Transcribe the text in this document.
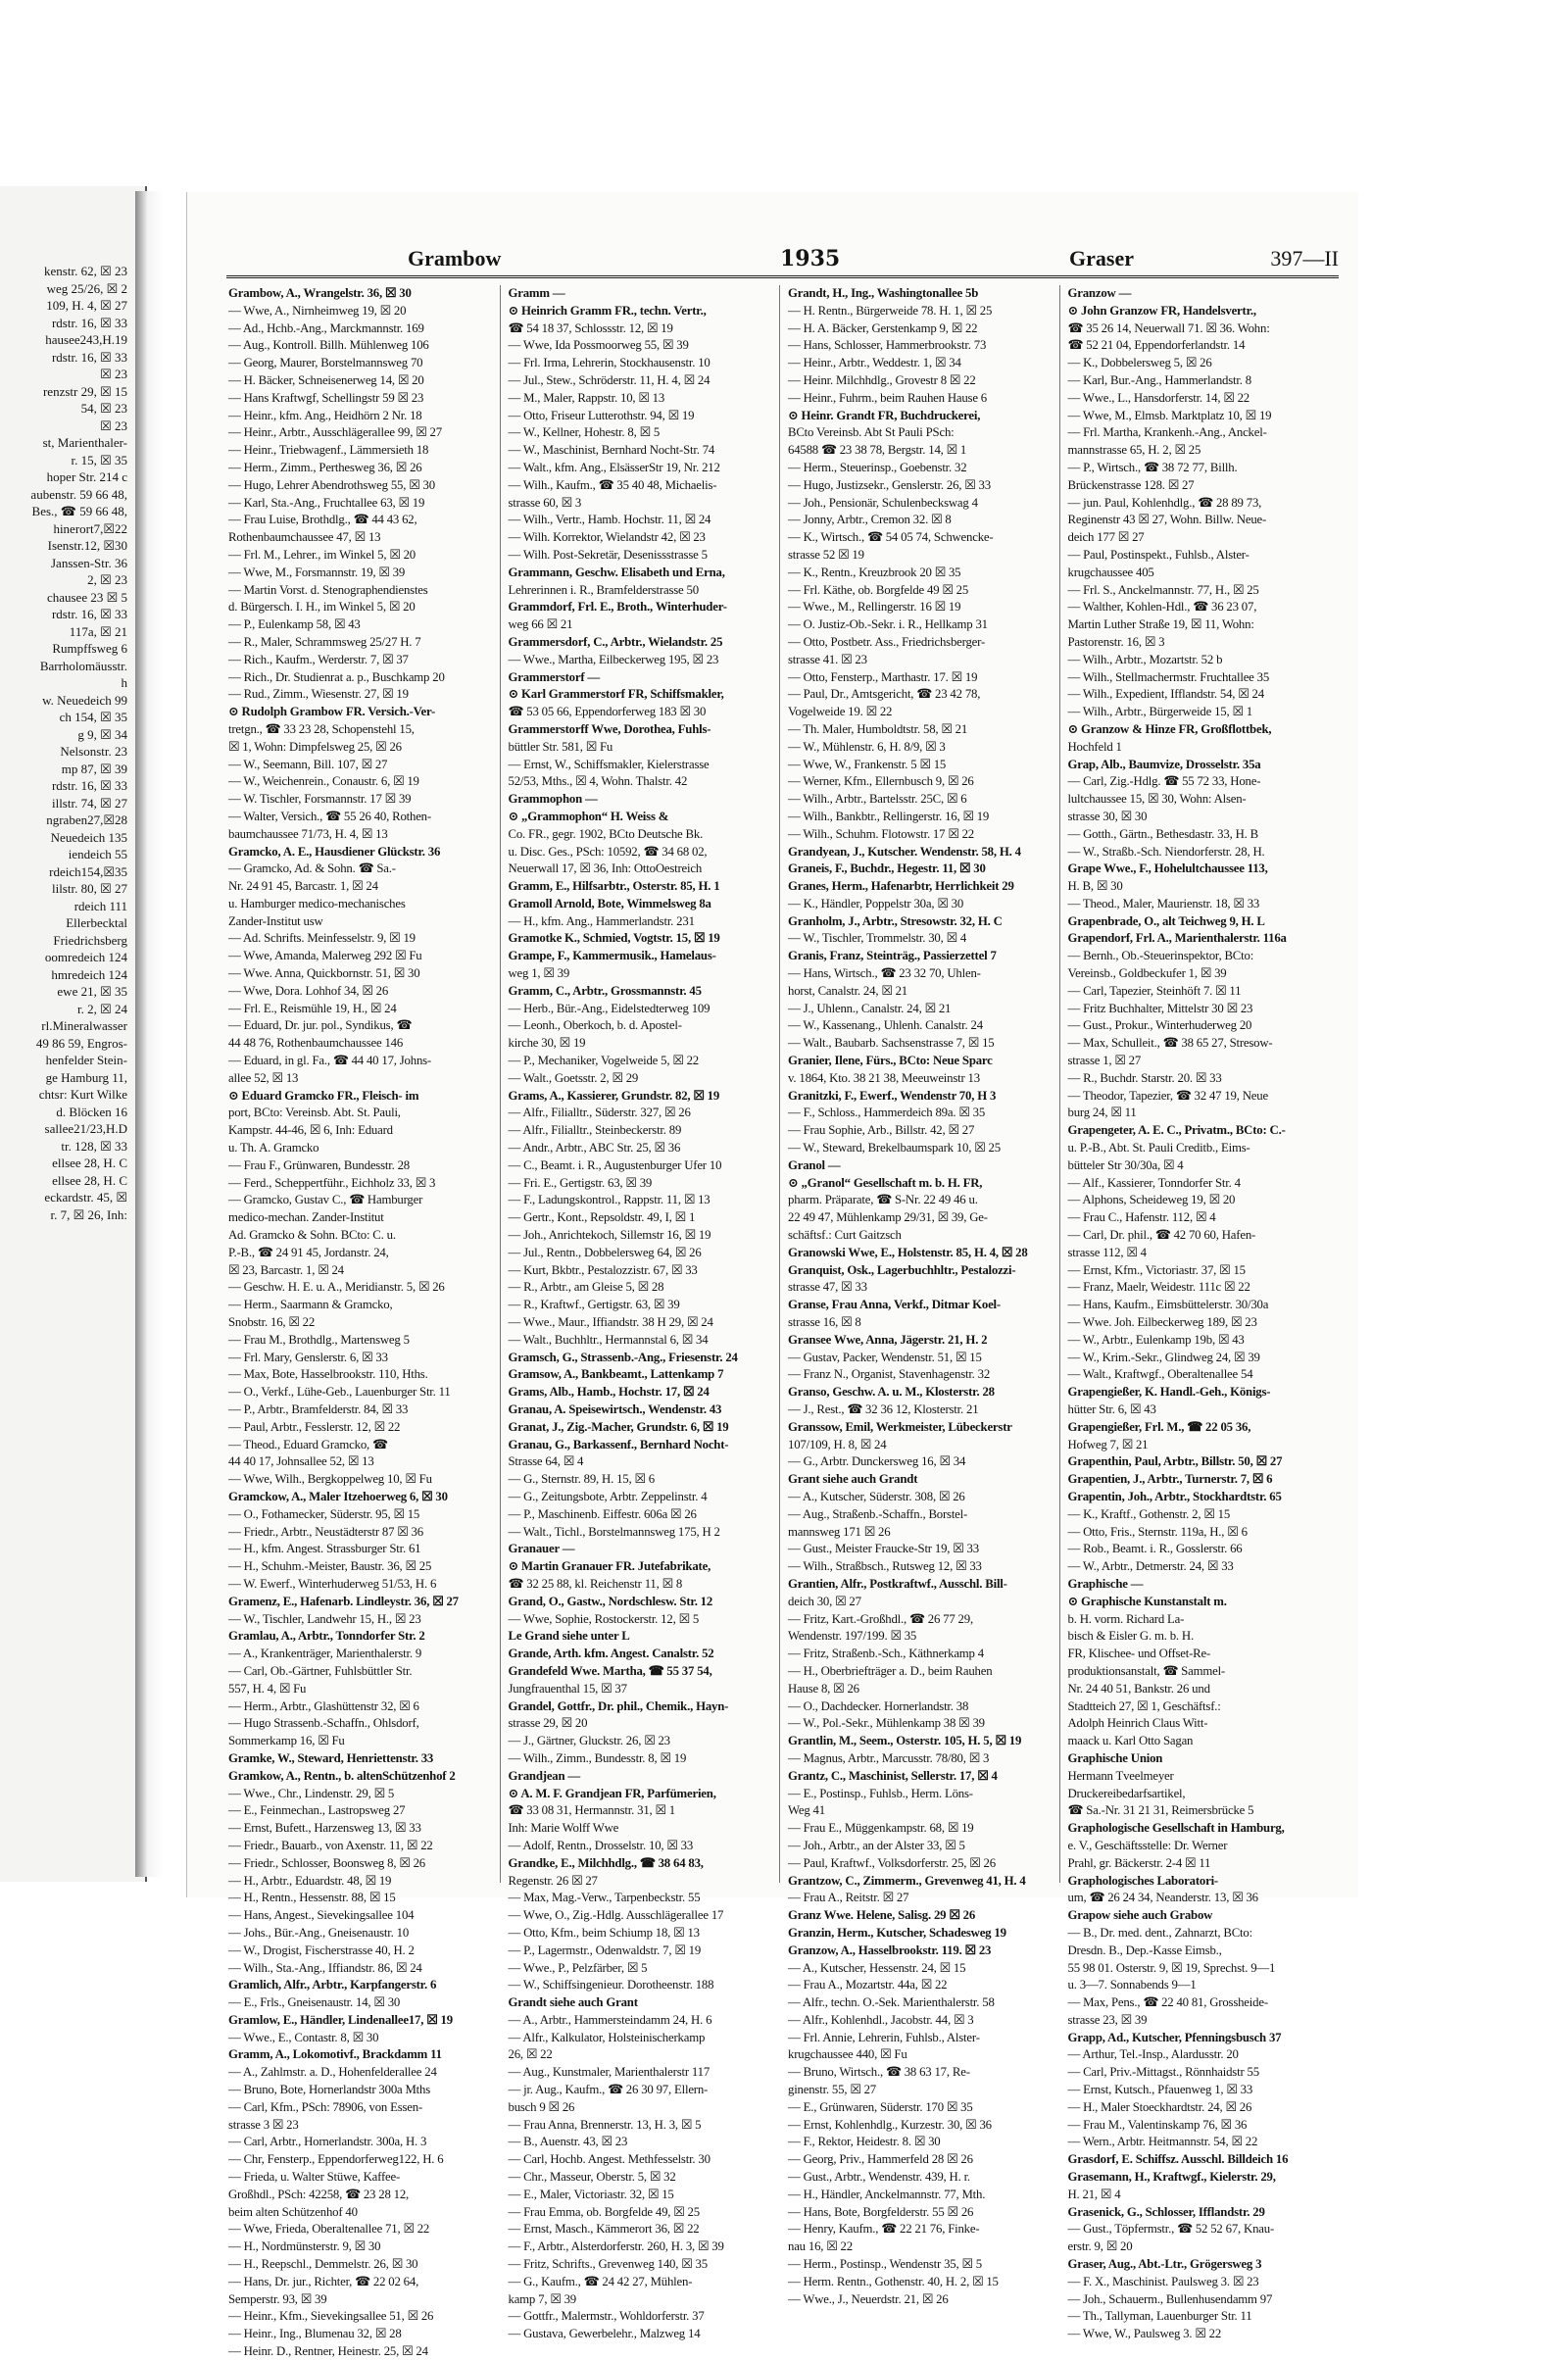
kenstr. 62, ☒ 23
weg 25/26, ☒ 2
109, H. 4, ☒ 27
rdstr. 16, ☒ 33
hausee243,H.19
rdstr. 16, ☒ 33
☒ 23
renzstr 29, ☒ 15
54, ☒ 23
☒ 23
st, Marienthaler-
r. 15, ☒ 35
hoper Str. 214 c
aubenstr. 59 66 48,
Bes., ☎ 59 66 48,
hinerort7,☒22
Isenstr.12, ☒30
Janssen-Str. 36
2, ☒ 23
chausee 23 ☒ 5
rdstr. 16, ☒ 33
117a, ☒ 21
Rumpffsweg 6
Barrholomäusstr.
h
w. Neuedeich 99
ch 154, ☒ 35
g 9, ☒ 34
Nelsonstr. 23
mp 87, ☒ 39
rdstr. 16, ☒ 33
illstr. 74, ☒ 27
ngraben27,☒28
Neuedeich 135
iendeich 55
rdeich154,☒35
lilstr. 80, ☒ 27
rdeich 111
Ellerbecktal
Friedrichsberg
oomredeich 124
hmredeich 124
ewe 21, ☒ 35
r. 2, ☒ 24
rl.Mineralwasser
49 86 59, Engros-
henfelder Stein-
ge Hamburg 11,
chtsr: Kurt Wilke
d. Blöcken 16
sallee21/23,H.D
tr. 128, ☒ 33
ellsee 28, H. C
ellsee 28, H. C
eckardstr. 45, ☒
r. 7, ☒ 26, Inh:
Grambow	1935	Graser	397—II
Grambow, A., Wrangelstr. 36, ☒ 30
— Wwe, A., Nirnheimweg 19, ☒ 20
— Ad., Hchb.-Ang., Marckmannstr. 169
— Aug., Kontroll. Billh. Mühlenweg 106
— Georg, Maurer, Borstelmannsweg 70
— H. Bäcker, Schneisenerweg 14, ☒ 20
— Hans Kraftwgf, Schellingstr 59 ☒ 23
— Heinr., kfm. Ang., Heidhörn 2 Nr. 18
— Heinr., Arbtr., Ausschlägerallee 99, ☒ 27
— Heinr., Triebwagenf., Lämmersieth 18
— Herm., Zimm., Perthesweg 36, ☒ 26
— Hugo, Lehrer Abendrothsweg 55, ☒ 30
— Karl, Sta.-Ang., Fruchtallee 63, ☒ 19
— Frau Luise, Brothdlg., ☎ 44 43 62,
Rothenbaumchaussee 47, ☒ 13
— Frl. M., Lehrer., im Winkel 5, ☒ 20
— Wwe, M., Forsmannstr. 19, ☒ 39
— Martin Vorst. d. Stenographendienstes
d. Bürgersch. I. H., im Winkel 5, ☒ 20
— P., Eulenkamp 58, ☒ 43
— R., Maler, Schrammsweg 25/27 H. 7
— Rich., Kaufm., Werderstr. 7, ☒ 37
— Rich., Dr. Studienrat a. p., Buschkamp 20
— Rud., Zimm., Wiesenstr. 27, ☒ 19
⊙ Rudolph Grambow FR. Versich.-Ver-
tretgn., ☎ 33 23 28, Schopenstehl 15,
☒ 1, Wohn: Dimpfelsweg 25, ☒ 26
— W., Seemann, Bill. 107, ☒ 27
— W., Weichenrein., Conaustr. 6, ☒ 19
— W. Tischler, Forsmannstr. 17 ☒ 39
— Walter, Versich., ☎ 55 26 40, Rothen-
baumchaussee 71/73, H. 4, ☒ 13
Gramcko, A. E., Hausdiener Glückstr. 36
— Gramcko, Ad. & Sohn. ☎ Sa.-
Nr. 24 91 45, Barcastr. 1, ☒ 24
u. Hamburger medico-mechanisches
Zander-Institut usw
— Ad. Schrifts. Meinfesselstr. 9, ☒ 19
— Wwe, Amanda, Malerweg 292 ☒ Fu
— Wwe. Anna, Quickbornstr. 51, ☒ 30
— Wwe, Dora. Lohhof 34, ☒ 26
— Frl. E., Reismühle 19, H., ☒ 24
— Eduard, Dr. jur. pol., Syndikus, ☎
44 48 76, Rothenbaumchaussee 146
— Eduard, in gl. Fa., ☎ 44 40 17, Johns-
allee 52, ☒ 13
⊙ Eduard Gramcko FR., Fleisch- im
port, BCto: Vereinsb. Abt. St. Pauli,
Kampstr. 44-46, ☒ 6, Inh: Eduard
u. Th. A. Gramcko
— Frau F., Grünwaren, Bundesstr. 28
— Ferd., Scheppertführ., Eichholz 33, ☒ 3
— Gramcko, Gustav C., ☎ Hamburger
medico-mechan. Zander-Institut
Ad. Gramcko & Sohn. BCto: C. u.
P.-B., ☎ 24 91 45, Jordanstr. 24,
☒ 23, Barcastr. 1, ☒ 24
— Geschw. H. E. u. A., Meridianstr. 5, ☒ 26
— Herm., Saarmann & Gramcko,
Snobstr. 16, ☒ 22
— Frau M., Brothdlg., Martensweg 5
— Frl. Mary, Genslerstr. 6, ☒ 33
— Max, Bote, Hasselbrookstr. 110, Hths.
— O., Verkf., Lühe-Geb., Lauenburger Str. 11
— P., Arbtr., Bramfelderstr. 84, ☒ 33
— Paul, Arbtr., Fesslerstr. 12, ☒ 22
— Theod., Eduard Gramcko, ☎
44 40 17, Johnsallee 52, ☒ 13
— Wwe, Wilh., Bergkoppelweg 10, ☒ Fu
Gramckow, A., Maler Itzehoerweg 6, ☒ 30
— O., Fothamecker, Süderstr. 95, ☒ 15
— Friedr., Arbtr., Neustädterstr 87 ☒ 36
— H., kfm. Angest. Strassburger Str. 61
— H., Schuhm.-Meister, Baustr. 36, ☒ 25
— W. Ewerf., Winterhuderweg 51/53, H. 6
Gramenz, E., Hafenarb. Lindleystr. 36, ☒ 27
— W., Tischler, Landwehr 15, H., ☒ 23
Gramlau, A., Arbtr., Tonndorfer Str. 2
— A., Krankenträger, Marienthalerstr. 9
— Carl, Ob.-Gärtner, Fuhlsbüttler Str.
557, H. 4, ☒ Fu
— Herm., Arbtr., Glashüttenstr 32, ☒ 6
— Hugo Strassenb.-Schaffn., Ohlsdorf,
Sommerkamp 16, ☒ Fu
Gramke, W., Steward, Henriettenstr. 33
Gramkow, A., Rentn., b. altenSchützenhof 2
— Wwe., Chr., Lindenstr. 29, ☒ 5
— E., Feinmechan., Lastropsweg 27
— Ernst, Bufett., Harzensweg 13, ☒ 33
— Friedr., Bauarb., von Axenstr. 11, ☒ 22
— Friedr., Schlosser, Boonsweg 8, ☒ 26
— H., Arbtr., Eduardstr. 48, ☒ 19
— H., Rentn., Hessenstr. 88, ☒ 15
— Hans, Angest., Sievekingsallee 104
— Johs., Bür.-Ang., Gneisenaustr. 10
— W., Drogist, Fischerstrasse 40, H. 2
— Wilh., Sta.-Ang., Iffiandstr. 86, ☒ 24
Gramlich, Alfr., Arbtr., Karpfangerstr. 6
— E., Frls., Gneisenaustr. 14, ☒ 30
Gramlow, E., Händler, Lindenallee17, ☒ 19
— Wwe., E., Contastr. 8, ☒ 30
Gramm, A., Lokomotivf., Brackdamm 11
— A., Zahlmstr. a. D., Hohenfelderallee 24
— Bruno, Bote, Hornerlandstr 300a Mths
— Carl, Kfm., PSch: 78906, von Essen-
strasse 3 ☒ 23
— Carl, Arbtr., Hornerlandstr. 300a, H. 3
— Chr, Fensterp., Eppendorferweg122, H. 6
— Frieda, u. Walter Stüwe, Kaffee-
Großhdl., PSch: 42258, ☎ 23 28 12,
beim alten Schützenhof 40
— Wwe, Frieda, Oberaltenallee 71, ☒ 22
— H., Nordmünsterstr. 9, ☒ 30
— H., Reepschl., Demmelstr. 26, ☒ 30
— Hans, Dr. jur., Richter, ☎ 22 02 64,
Semperstr. 93, ☒ 39
— Heinr., Kfm., Sievekingsallee 51, ☒ 26
— Heinr., Ing., Blumenau 32, ☒ 28
— Heinr. D., Rentner, Heinestr. 25, ☒ 24
Gramm —
⊙ Heinrich Gramm FR., techn. Vertr.,
☎ 54 18 37, Schlossstr. 12, ☒ 19
— Wwe, Ida Possmoorweg 55, ☒ 39
— Frl. Irma, Lehrerin, Stockhausenstr. 10
— Jul., Stew., Schröderstr. 11, H. 4, ☒ 24
— M., Maler, Rappstr. 10, ☒ 13
— Otto, Friseur Lutterothstr. 94, ☒ 19
— W., Kellner, Hohestr. 8, ☒ 5
— W., Maschinist, Bernhard Nocht-Str. 74
— Walt., kfm. Ang., ElsässerStr 19, Nr. 212
— Wilh., Kaufm., ☎ 35 40 48, Michaelis-
strasse 60, ☒ 3
— Wilh., Vertr., Hamb. Hochstr. 11, ☒ 24
— Wilh. Korrektor, Wielandstr 42, ☒ 23
— Wilh. Post-Sekretär, Desenissstrasse 5
Grammann, Geschw. Elisabeth und Erna,
Lehrerinnen i. R., Bramfelderstrasse 50
Grammdorf, Frl. E., Broth., Winterhuder-
weg 66 ☒ 21
Grammersdorf, C., Arbtr., Wielandstr. 25
— Wwe., Martha, Eilbeckerweg 195, ☒ 23
Grammerstorf —
⊙ Karl Grammerstorf FR, Schiffsmakler,
☎ 53 05 66, Eppendorferweg 183 ☒ 30
Grammerstorff Wwe, Dorothea, Fuhls-
büttler Str. 581, ☒ Fu
— Ernst, W., Schiffsmakler, Kielerstrasse
52/53, Mths., ☒ 4, Wohn. Thalstr. 42
Grammophon —
⊙ „Grammophon“ H. Weiss &
Co. FR., gegr. 1902, BCto Deutsche Bk.
u. Disc. Ges., PSch: 10592, ☎ 34 68 02,
Neuerwall 17, ☒ 36, Inh: OttoOestreich
Gramm, E., Hilfsarbtr., Osterstr. 85, H. 1
Gramoll Arnold, Bote, Wimmelsweg 8a
— H., kfm. Ang., Hammerlandstr. 231
Gramotke K., Schmied, Vogtstr. 15, ☒ 19
Grampe, F., Kammermusik., Hamelaus-
weg 1, ☒ 39
Gramm, C., Arbtr., Grossmannstr. 45
— Herb., Bür.-Ang., Eidelstedterweg 109
— Leonh., Oberkoch, b. d. Apostel-
kirche 30, ☒ 19
— P., Mechaniker, Vogelweide 5, ☒ 22
— Walt., Goetsstr. 2, ☒ 29
Grams, A., Kassierer, Grundstr. 82, ☒ 19
— Alfr., Filialltr., Süderstr. 327, ☒ 26
— Alfr., Filialltr., Steinbeckerstr. 89
— Andr., Arbtr., ABC Str. 25, ☒ 36
— C., Beamt. i. R., Augustenburger Ufer 10
— Fri. E., Gertigstr. 63, ☒ 39
— F., Ladungskontrol., Rappstr. 11, ☒ 13
— Gertr., Kont., Repsoldstr. 49, I, ☒ 1
— Joh., Anrichtekoch, Sillemstr 16, ☒ 19
— Jul., Rentn., Dobbelersweg 64, ☒ 26
— Kurt, Bkbtr., Pestalozzistr. 67, ☒ 33
— R., Arbtr., am Gleise 5, ☒ 28
— R., Kraftwf., Gertigstr. 63, ☒ 39
— Wwe., Maur., Iffiandstr. 38 H 29, ☒ 24
— Walt., Buchhltr., Hermannstal 6, ☒ 34
Gramsch, G., Strassenb.-Ang., Friesenstr. 24
Gramsow, A., Bankbeamt., Lattenkamp 7
Grams, Alb., Hamb., Hochstr. 17, ☒ 24
Granau, A. Speisewirtsch., Wendenstr. 43
Granat, J., Zig.-Macher, Grundstr. 6, ☒ 19
Granau, G., Barkassenf., Bernhard Nocht-
Strasse 64, ☒ 4
— G., Sternstr. 89, H. 15, ☒ 6
— G., Zeitungsbote, Arbtr. Zeppelinstr. 4
— P., Maschinenb. Eiffestr. 606a ☒ 26
— Walt., Tichl., Borstelmannsweg 175, H 2
Granauer —
⊙ Martin Granauer FR. Jutefabrikate,
☎ 32 25 88, kl. Reichenstr 11, ☒ 8
Grand, O., Gastw., Nordschlesw. Str. 12
— Wwe, Sophie, Rostockerstr. 12, ☒ 5
Le Grand siehe unter L
Grande, Arth. kfm. Angest. Canalstr. 52
Grandefeld Wwe. Martha, ☎ 55 37 54,
Jungfrauenthal 15, ☒ 37
Grandel, Gottfr., Dr. phil., Chemik., Hayn-
strasse 29, ☒ 20
— J., Gärtner, Gluckstr. 26, ☒ 23
— Wilh., Zimm., Bundesstr. 8, ☒ 19
Grandjean —
⊙ A. M. F. Grandjean FR, Parfümerien,
☎ 33 08 31, Hermannstr. 31, ☒ 1
Inh: Marie Wolff Wwe
— Adolf, Rentn., Drosselstr. 10, ☒ 33
Grandke, E., Milchhdlg., ☎ 38 64 83,
Regenstr. 26 ☒ 27
— Max, Mag.-Verw., Tarpenbeckstr. 55
— Wwe, O., Zig.-Hdlg. Ausschlägerallee 17
— Otto, Kfm., beim Schiump 18, ☒ 13
— P., Lagermstr., Odenwaldstr. 7, ☒ 19
— Wwe., P., Pelzfärber, ☒ 5
— W., Schiffsingenieur. Dorotheenstr. 188
Grandt siehe auch Grant
— A., Arbtr., Hammersteindamm 24, H. 6
— Alfr., Kalkulator, Holsteinischerkamp
26, ☒ 22
— Aug., Kunstmaler, Marienthalerstr 117
— jr. Aug., Kaufm., ☎ 26 30 97, Ellern-
busch 9 ☒ 26
— Frau Anna, Brennerstr. 13, H. 3, ☒ 5
— B., Auenstr. 43, ☒ 23
— Carl, Hochb. Angest. Methfesselstr. 30
— Chr., Masseur, Oberstr. 5, ☒ 32
— E., Maler, Victoriastr. 32, ☒ 15
— Frau Emma, ob. Borgfelde 49, ☒ 25
— Ernst, Masch., Kämmerort 36, ☒ 22
— F., Arbtr., Alsterdorferstr. 260, H. 3, ☒ 39
— Fritz, Schrifts., Grevenweg 140, ☒ 35
— G., Kaufm., ☎ 24 42 27, Mühlen-
kamp 7, ☒ 39
— Gottfr., Malermstr., Wohldorferstr. 37
— Gustava, Gewerbelehr., Malzweg 14
Grandt, H., Ing., Washingtonallee 5b
— H. Rentn., Bürgerweide 78. H. 1, ☒ 25
— H. A. Bäcker, Gerstenkamp 9, ☒ 22
— Hans, Schlosser, Hammerbrookstr. 73
— Heinr., Arbtr., Weddestr. 1, ☒ 34
— Heinr. Milchhdlg., Grovestr 8 ☒ 22
— Heinr., Fuhrm., beim Rauhen Hause 6
⊙ Heinr. Grandt FR, Buchdruckerei,
BCto Vereinsb. Abt St Pauli PSch:
64588 ☎ 23 38 78, Bergstr. 14, ☒ 1
— Herm., Steuerinsp., Goebenstr. 32
— Hugo, Justizsekr., Genslerstr. 26, ☒ 33
— Joh., Pensionär, Schulenbeckswag 4
— Jonny, Arbtr., Cremon 32. ☒ 8
— K., Wirtsch., ☎ 54 05 74, Schwencke-
strasse 52 ☒ 19
— K., Rentn., Kreuzbrook 20 ☒ 35
— Frl. Käthe, ob. Borgfelde 49 ☒ 25
— Wwe., M., Rellingerstr. 16 ☒ 19
— O. Justiz-Ob.-Sekr. i. R., Hellkamp 31
— Otto, Postbetr. Ass., Friedrichsberger-
strasse 41. ☒ 23
— Otto, Fensterp., Marthastr. 17. ☒ 19
— Paul, Dr., Amtsgericht, ☎ 23 42 78,
Vogelweide 19. ☒ 22
— Th. Maler, Humboldtstr. 58, ☒ 21
— W., Mühlenstr. 6, H. 8/9, ☒ 3
— Wwe, W., Frankenstr. 5 ☒ 15
— Werner, Kfm., Ellernbusch 9, ☒ 26
— Wilh., Arbtr., Bartelsstr. 25C, ☒ 6
— Wilh., Bankbtr., Rellingerstr. 16, ☒ 19
— Wilh., Schuhm. Flotowstr. 17 ☒ 22
Grandyean, J., Kutscher. Wendenstr. 58, H. 4
Graneis, F., Buchdr., Hegestr. 11, ☒ 30
Granes, Herm., Hafenarbtr, Herrlichkeit 29
— K., Händler, Poppelstr 30a, ☒ 30
Granholm, J., Arbtr., Stresowstr. 32, H. C
— W., Tischler, Trommelstr. 30, ☒ 4
Granis, Franz, Steinträg., Passierzettel 7
— Hans, Wirtsch., ☎ 23 32 70, Uhlen-
horst, Canalstr. 24, ☒ 21
— J., Uhlenn., Canalstr. 24, ☒ 21
— W., Kassenang., Uhlenh. Canalstr. 24
— Walt., Baubarb. Sachsenstrasse 7, ☒ 15
Granier, Ilene, Fürs., BCto: Neue Sparc
v. 1864, Kto. 38 21 38, Meeuweinstr 13
Granitzki, F., Ewerf., Wendenstr 70, H 3
— F., Schloss., Hammerdeich 89a. ☒ 35
— Frau Sophie, Arb., Billstr. 42, ☒ 27
— W., Steward, Brekelbaumspark 10, ☒ 25
Granol —
⊙ „Granol“ Gesellschaft m. b. H. FR,
pharm. Präparate, ☎ S-Nr. 22 49 46 u.
22 49 47, Mühlenkamp 29/31, ☒ 39, Ge-
schäftsf.: Curt Gaitzsch
Granowski Wwe, E., Holstenstr. 85, H. 4, ☒ 28
Granquist, Osk., Lagerbuchhltr., Pestalozzi-
strasse 47, ☒ 33
Granse, Frau Anna, Verkf., Ditmar Koel-
strasse 16, ☒ 8
Gransee Wwe, Anna, Jägerstr. 21, H. 2
— Gustav, Packer, Wendenstr. 51, ☒ 15
— Franz N., Organist, Stavenhagenstr. 32
Granso, Geschw. A. u. M., Klosterstr. 28
— J., Rest., ☎ 32 36 12, Klosterstr. 21
Granssow, Emil, Werkmeister, Lübeckerstr
107/109, H. 8, ☒ 24
— G., Arbtr. Dunckersweg 16, ☒ 34
Grant siehe auch Grandt
— A., Kutscher, Süderstr. 308, ☒ 26
— Aug., Straßenb.-Schaffn., Borstel-
mannsweg 171 ☒ 26
— Gust., Meister Fraucke-Str 19, ☒ 33
— Wilh., Straßbsch., Rutsweg 12, ☒ 33
Grantien, Alfr., Postkraftwf., Ausschl. Bill-
deich 30, ☒ 27
— Fritz, Kart.-Großhdl., ☎ 26 77 29,
Wendenstr. 197/199. ☒ 35
— Fritz, Straßenb.-Sch., Käthnerkamp 4
— H., Oberbriefträger a. D., beim Rauhen
Hause 8, ☒ 26
— O., Dachdecker. Hornerlandstr. 38
— W., Pol.-Sekr., Mühlenkamp 38 ☒ 39
Grantlin, M., Seem., Osterstr. 105, H. 5, ☒ 19
— Magnus, Arbtr., Marcusstr. 78/80, ☒ 3
Grantz, C., Maschinist, Sellerstr. 17, ☒ 4
— E., Postinsp., Fuhlsb., Herm. Löns-
Weg 41
— Frau E., Müggenkampstr. 68, ☒ 19
— Joh., Arbtr., an der Alster 33, ☒ 5
— Paul, Kraftwf., Volksdorferstr. 25, ☒ 26
Grantzow, C., Zimmerm., Grevenweg 41, H. 4
— Frau A., Reitstr. ☒ 27
Granz Wwe. Helene, Salisg. 29 ☒ 26
Granzin, Herm., Kutscher, Schadesweg 19
Granzow, A., Hasselbrookstr. 119. ☒ 23
— A., Kutscher, Hessenstr. 24, ☒ 15
— Frau A., Mozartstr. 44a, ☒ 22
— Alfr., techn. O.-Sek. Marienthalerstr. 58
— Alfr., Kohlenhdl., Jacobstr. 44, ☒ 3
— Frl. Annie, Lehrerin, Fuhlsb., Alster-
krugchaussee 440, ☒ Fu
— Bruno, Wirtsch., ☎ 38 63 17, Re-
ginenstr. 55, ☒ 27
— E., Grünwaren, Süderstr. 170 ☒ 35
— Ernst, Kohlenhdlg., Kurzestr. 30, ☒ 36
— F., Rektor, Heidestr. 8. ☒ 30
— Georg, Priv., Hammerfeld 28 ☒ 26
— Gust., Arbtr., Wendenstr. 439, H. r.
— H., Händler, Anckelmannstr. 77, Mth.
— Hans, Bote, Borgfelderstr. 55 ☒ 26
— Henry, Kaufm., ☎ 22 21 76, Finke-
nau 16, ☒ 22
— Herm., Postinsp., Wendenstr 35, ☒ 5
— Herm. Rentn., Gothenstr. 40, H. 2, ☒ 15
— Wwe., J., Neuerdstr. 21, ☒ 26
Granzow —
⊙ John Granzow FR, Handelsvertr.,
☎ 35 26 14, Neuerwall 71. ☒ 36. Wohn:
☎ 52 21 04, Eppendorferlandstr. 14
— K., Dobbelersweg 5, ☒ 26
— Karl, Bur.-Ang., Hammerlandstr. 8
— Wwe., L., Hansdorferstr. 14, ☒ 22
— Wwe, M., Elmsb. Marktplatz 10, ☒ 19
— Frl. Martha, Krankenh.-Ang., Anckel-
mannstrasse 65, H. 2, ☒ 25
— P., Wirtsch., ☎ 38 72 77, Billh.
Brückenstrasse 128. ☒ 27
— jun. Paul, Kohlenhdlg., ☎ 28 89 73,
Reginenstr 43 ☒ 27, Wohn. Billw. Neue-
deich 177 ☒ 27
— Paul, Postinspekt., Fuhlsb., Alster-
krugchaussee 405
— Frl. S., Anckelmannstr. 77, H., ☒ 25
— Walther, Kohlen-Hdl., ☎ 36 23 07,
Martin Luther Straße 19, ☒ 11, Wohn:
Pastorenstr. 16, ☒ 3
— Wilh., Arbtr., Mozartstr. 52 b
— Wilh., Stellmachermstr. Fruchtallee 35
— Wilh., Expedient, Ifflandstr. 54, ☒ 24
— Wilh., Arbtr., Bürgerweide 15, ☒ 1
⊙ Granzow & Hinze FR, Großflottbek,
Hochfeld 1
Grap, Alb., Baumvize, Drosselstr. 35a
— Carl, Zig.-Hdlg. ☎ 55 72 33, Hone-
lultchaussee 15, ☒ 30, Wohn: Alsen-
strasse 30, ☒ 30
— Gotth., Gärtn., Bethesdastr. 33, H. B
— W., Straßb.-Sch. Niendorferstr. 28, H.
Grape Wwe., F., Hohelultchaussee 113,
H. B, ☒ 30
— Theod., Maler, Maurienstr. 18, ☒ 33
Grapenbrade, O., alt Teichweg 9, H. L
Grapendorf, Frl. A., Marienthalerstr. 116a
— Bernh., Ob.-Steuerinspektor, BCto:
Vereinsb., Goldbeckufer 1, ☒ 39
— Carl, Tapezier, Steinhöft 7. ☒ 11
— Fritz Buchhalter, Mittelstr 30 ☒ 23
— Gust., Prokur., Winterhuderweg 20
— Max, Schulleit., ☎ 38 65 27, Stresow-
strasse 1, ☒ 27
— R., Buchdr. Starstr. 20. ☒ 33
— Theodor, Tapezier, ☎ 32 47 19, Neue
burg 24, ☒ 11
Grapengeter, A. E. C., Privatm., BCto: C.-
u. P.-B., Abt. St. Pauli Creditb., Eims-
bütteler Str 30/30a, ☒ 4
— Alf., Kassierer, Tonndorfer Str. 4
— Alphons, Scheideweg 19, ☒ 20
— Frau C., Hafenstr. 112, ☒ 4
— Carl, Dr. phil., ☎ 42 70 60, Hafen-
strasse 112, ☒ 4
— Ernst, Kfm., Victoriastr. 37, ☒ 15
— Franz, Maelr, Weidestr. 111c ☒ 22
— Hans, Kaufm., Eimsbüttelerstr. 30/30a
— Wwe. Joh. Eilbeckerweg 189, ☒ 23
— W., Arbtr., Eulenkamp 19b, ☒ 43
— W., Krim.-Sekr., Glindweg 24, ☒ 39
— Walt., Kraftwgf., Oberaltenallee 54
Grapengießer, K. Handl.-Geh., Königs-
hütter Str. 6, ☒ 43
Grapengießer, Frl. M., ☎ 22 05 36,
Hofweg 7, ☒ 21
Grapenthin, Paul, Arbtr., Billstr. 50, ☒ 27
Grapentien, J., Arbtr., Turnerstr. 7, ☒ 6
Grapentin, Joh., Arbtr., Stockhardtstr. 65
— K., Kraftf., Gothenstr. 2, ☒ 15
— Otto, Fris., Sternstr. 119a, H., ☒ 6
— Rob., Beamt. i. R., Gosslerstr. 66
— W., Arbtr., Detmerstr. 24, ☒ 33
Graphische —
⊙ Graphische Kunstanstalt m.
b. H. vorm. Richard La-
bisch & Eisler G. m. b. H.
FR, Klischee- und Offset-Re-
produktionsanstalt, ☎ Sammel-
Nr. 24 40 51, Bankstr. 26 und
Stadtteich 27, ☒ 1, Geschäftsf.:
Adolph Heinrich Claus Witt-
maack u. Karl Otto Sagan
Graphische Union
Hermann Tveelmeyer
Druckereibedarfsartikel,
☎ Sa.-Nr. 31 21 31, Reimersbrücke 5
Graphologische Gesellschaft in Hamburg,
e. V., Geschäftsstelle: Dr. Werner
Prahl, gr. Bäckerstr. 2-4 ☒ 11
Graphologisches Laboratori-
um, ☎ 26 24 34, Neanderstr. 13, ☒ 36
Grapow siehe auch Grabow
— B., Dr. med. dent., Zahnarzt, BCto:
Dresdn. B., Dep.-Kasse Eimsb.,
55 98 01. Osterstr. 9, ☒ 19, Sprechst. 9—1
u. 3—7. Sonnabends 9—1
— Max, Pens., ☎ 22 40 81, Grossheide-
strasse 23, ☒ 39
Grapp, Ad., Kutscher, Pfenningsbusch 37
— Arthur, Tel.-Insp., Alardusstr. 20
— Carl, Priv.-Mittagst., Rönnhaidstr 55
— Ernst, Kutsch., Pfauenweg 1, ☒ 33
— H., Maler Stoeckhardtstr. 24, ☒ 26
— Frau M., Valentinskamp 76, ☒ 36
— Wern., Arbtr. Heitmannstr. 54, ☒ 22
Grasdorf, E. Schiffsz. Ausschl. Billdeich 16
Grasemann, H., Kraftwgf., Kielerstr. 29,
H. 21, ☒ 4
Grasenick, G., Schlosser, Ifflandstr. 29
— Gust., Töpfermstr., ☎ 52 52 67, Knau-
erstr. 9, ☒ 20
Graser, Aug., Abt.-Ltr., Grögersweg 3
— F. X., Maschinist. Paulsweg 3. ☒ 23
— Joh., Schauerm., Bullenhusendamm 97
— Th., Tallyman, Lauenburger Str. 11
— Wwe, W., Paulsweg 3. ☒ 22
